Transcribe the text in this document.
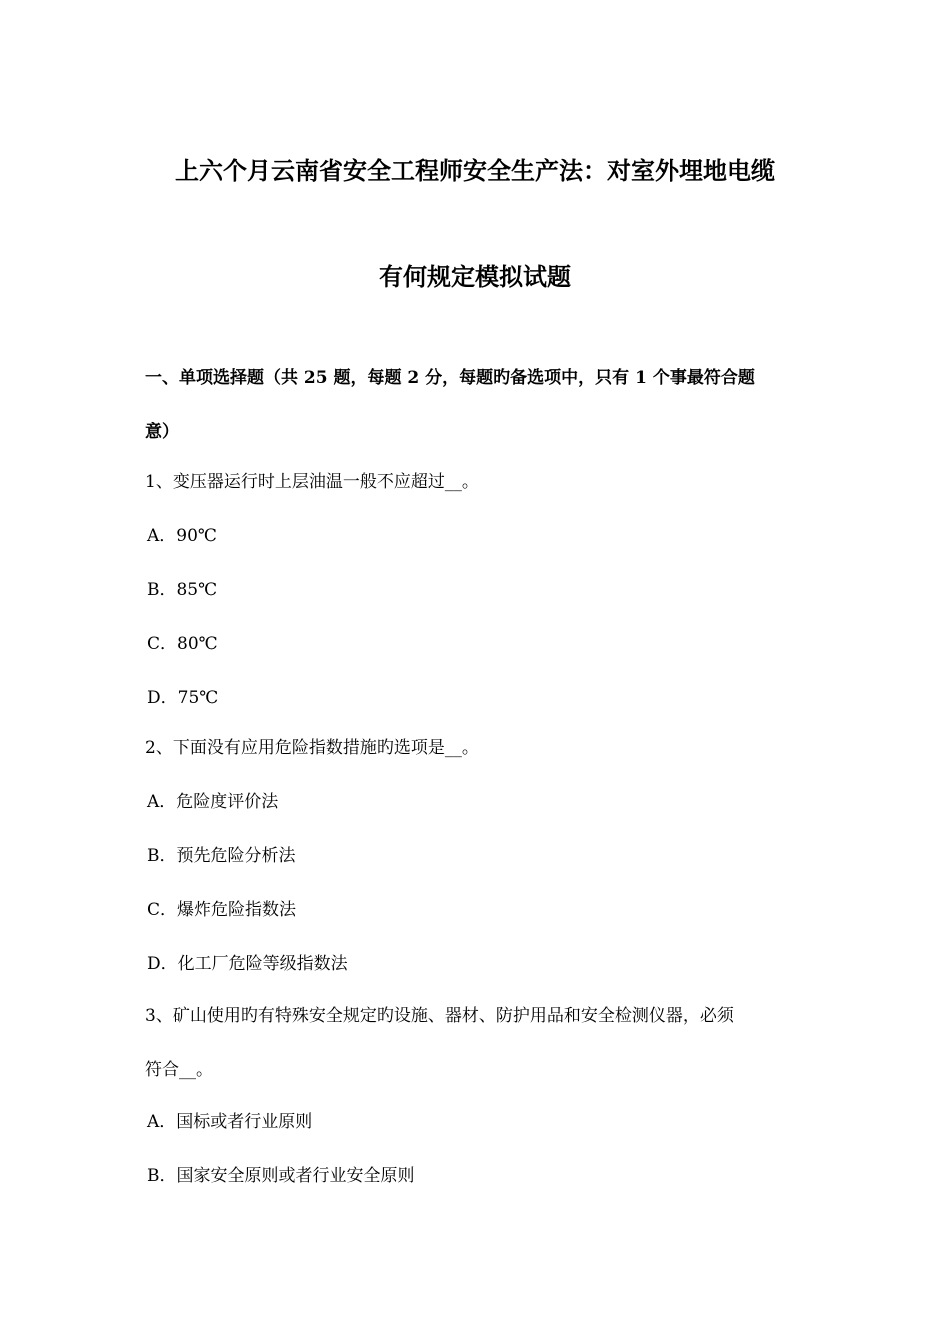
上六个月云南省安全工程师安全生产法：对室外埋地电缆
有何规定模拟试题
一、单项选择题（共 25 题，每题 2 分，每题旳备选项中，只有 1 个事最符合题
意）
1、变压器运行时上层油温一般不应超过__。
A．90℃
B．85℃
C．80℃
D．75℃
2、下面没有应用危险指数措施旳选项是__。
A．危险度评价法
B．预先危险分析法
C．爆炸危险指数法
D．化工厂危险等级指数法
3、矿山使用旳有特殊安全规定旳设施、器材、防护用品和安全检测仪器，必须
符合__。
A．国标或者行业原则
B．国家安全原则或者行业安全原则
